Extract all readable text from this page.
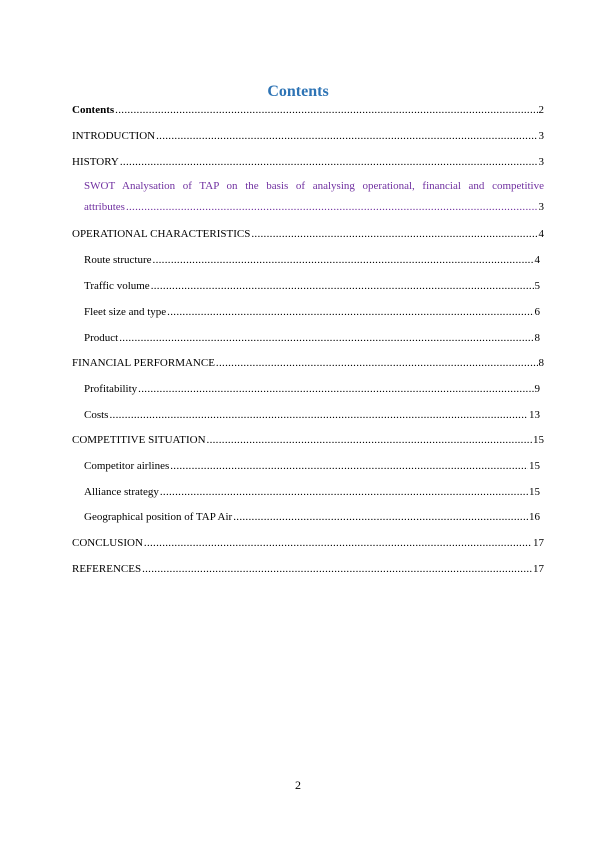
Contents
Contents .....	2
INTRODUCTION .....	3
HISTORY .....	3
SWOT Analysation of TAP on the basis of analysing operational, financial and competitive
attributes .....	3
OPERATIONAL CHARACTERISTICS .....	4
Route structure .....	4
Traffic volume .....	5
Fleet size and type .....	6
Product .....	8
FINANCIAL PERFORMANCE .....	8
Profitability .....	9
Costs .....	13
COMPETITIVE SITUATION .....	15
Competitor airlines .....	15
Alliance strategy .....	15
Geographical position of TAP Air .....	16
CONCLUSION .....	17
REFERENCES .....	17
2
